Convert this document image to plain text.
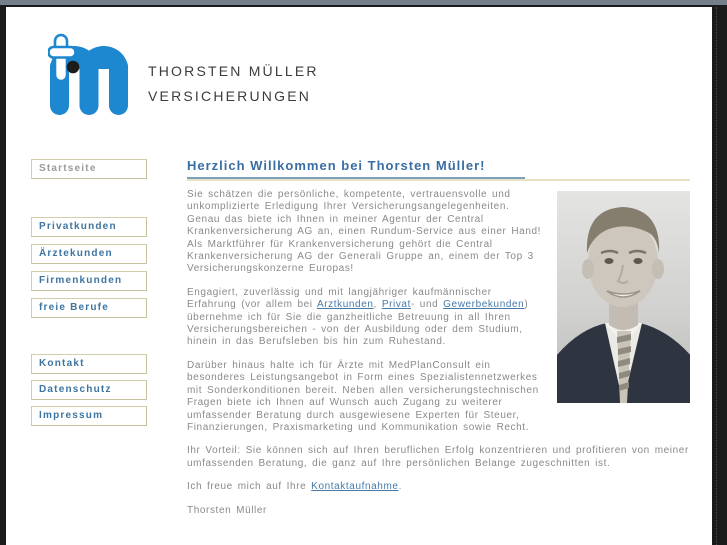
THORSTEN MÜLLER
VERSICHERUNGEN
Startseite
Privatkunden
Ärztekunden
Firmenkunden
freie Berufe
Kontakt
Datenschutz
Impressum
Herzlich Willkommen bei Thorsten Müller!

Sie schätzen die persönliche, kompetente, vertrauensvolle und unkomplizierte Erledigung Ihrer Versicherungsangelegenheiten. Genau das biete ich Ihnen in meiner Agentur der Central Krankenversicherung AG an, einen Rundum-Service aus einer Hand! Als Marktführer für Krankenversicherung gehört die Central Krankenversicherung AG der Generali Gruppe an, einem der Top 3 Versicherungskonzerne Europas!

Engagiert, zuverlässig und mit langjähriger kaufmännischer Erfahrung (vor allem bei Arztkunden, Privat- und Gewerbekunden) übernehme ich für Sie die ganzheitliche Betreuung in all Ihren Versicherungsbereichen - von der Ausbildung oder dem Studium, hinein in das Berufsleben bis hin zum Ruhestand.

Darüber hinaus halte ich für Ärzte mit MedPlanConsult ein besonderes Leistungsangebot in Form eines Spezialistennetzwerkes mit Sonderkonditionen bereit. Neben allen versicherungstechnischen Fragen biete ich Ihnen auf Wunsch auch Zugang zu weiterer umfassender Beratung durch ausgewiesene Experten für Steuer, Finanzierungen, Praxismarketing und Kommunikation sowie Recht.

Ihr Vorteil: Sie können sich auf Ihren beruflichen Erfolg konzentrieren und profitieren von meiner umfassenden Beratung, die ganz auf Ihre persönlichen Belange zugeschnitten ist.

Ich freue mich auf Ihre Kontaktaufnahme.

Thorsten Müller
